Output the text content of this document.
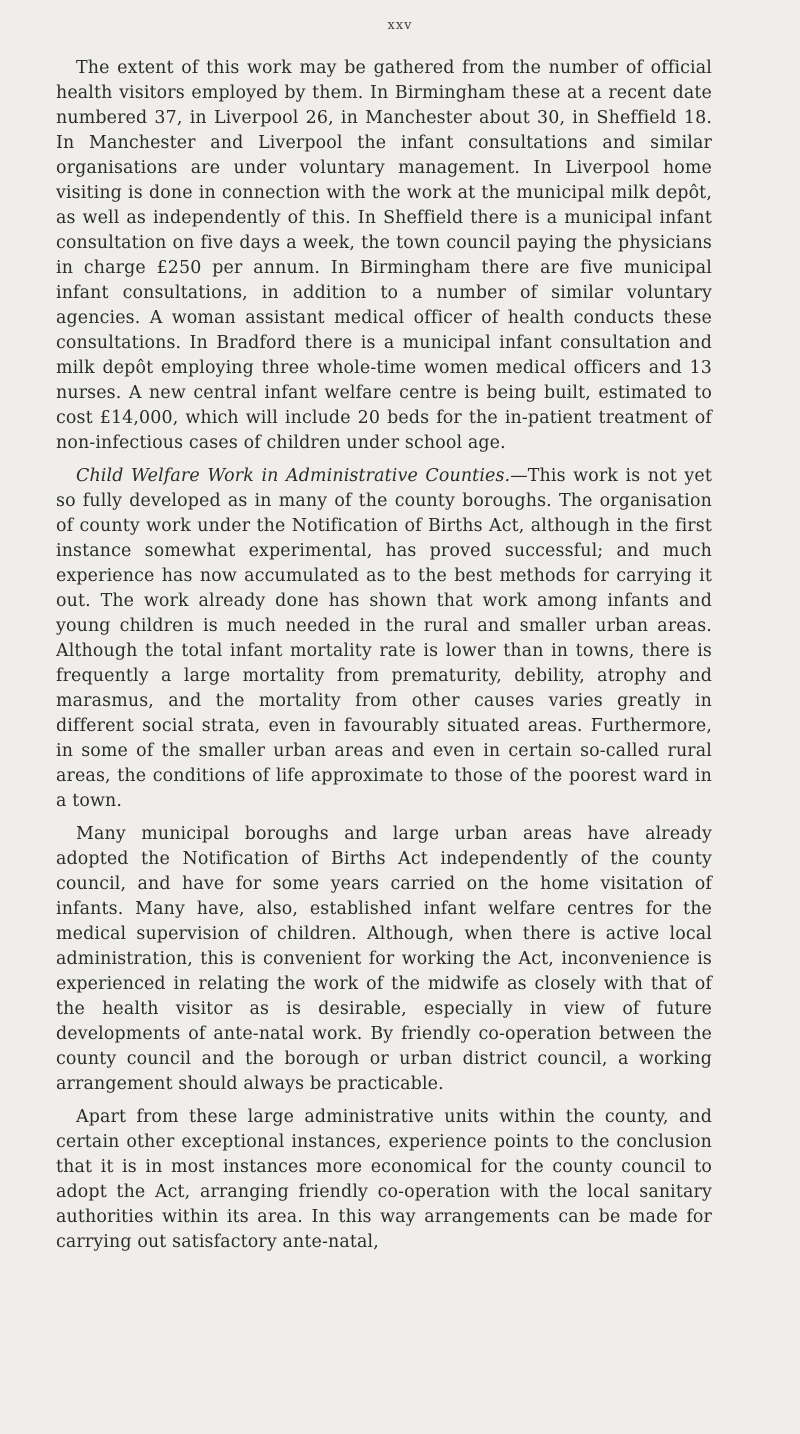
xxv

The extent of this work may be gathered from the number of official health visitors employed by them. In Birmingham these at a recent date numbered 37, in Liverpool 26, in Manchester about 30, in Sheffield 18. In Manchester and Liverpool the infant consultations and similar organisations are under voluntary management. In Liverpool home visiting is done in connection with the work at the municipal milk depôt, as well as independently of this. In Sheffield there is a municipal infant consultation on five days a week, the town council paying the physicians in charge £250 per annum. In Birmingham there are five municipal infant consultations, in addition to a number of similar voluntary agencies. A woman assistant medical officer of health conducts these consultations. In Bradford there is a municipal infant consultation and milk depôt employing three whole-time women medical officers and 13 nurses. A new central infant welfare centre is being built, estimated to cost £14,000, which will include 20 beds for the in-patient treatment of non-infectious cases of children under school age.

Child Welfare Work in Administrative Counties.—This work is not yet so fully developed as in many of the county boroughs. The organisation of county work under the Notification of Births Act, although in the first instance somewhat experimental, has proved successful; and much experience has now accumulated as to the best methods for carrying it out. The work already done has shown that work among infants and young children is much needed in the rural and smaller urban areas. Although the total infant mortality rate is lower than in towns, there is frequently a large mortality from prematurity, debility, atrophy and marasmus, and the mortality from other causes varies greatly in different social strata, even in favourably situated areas. Furthermore, in some of the smaller urban areas and even in certain so-called rural areas, the conditions of life approximate to those of the poorest ward in a town.

Many municipal boroughs and large urban areas have already adopted the Notification of Births Act independently of the county council, and have for some years carried on the home visitation of infants. Many have, also, established infant welfare centres for the medical supervision of children. Although, when there is active local administration, this is convenient for working the Act, inconvenience is experienced in relating the work of the midwife as closely with that of the health visitor as is desirable, especially in view of future developments of ante-natal work. By friendly co-operation between the county council and the borough or urban district council, a working arrangement should always be practicable.

Apart from these large administrative units within the county, and certain other exceptional instances, experience points to the conclusion that it is in most instances more economical for the county council to adopt the Act, arranging friendly co-operation with the local sanitary authorities within its area. In this way arrangements can be made for carrying out satisfactory ante-natal,
